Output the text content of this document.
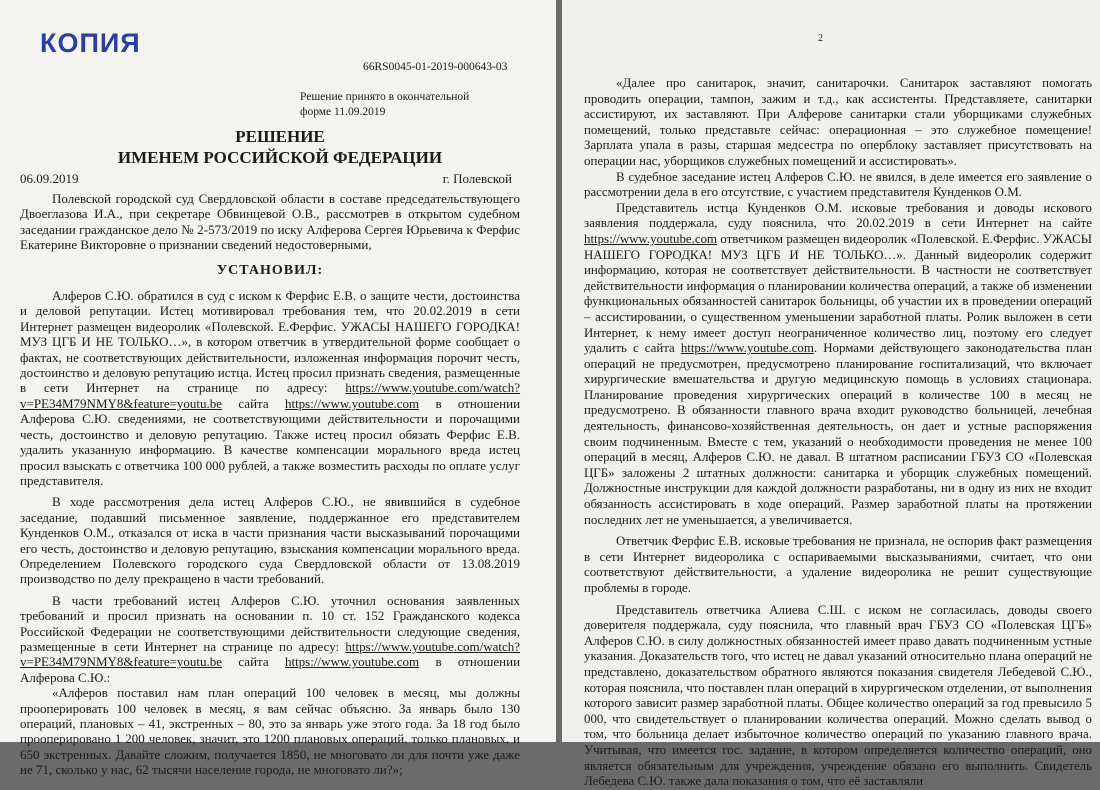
КОПИЯ
66RS0045-01-2019-000643-03
Решение принято в окончательной форме 11.09.2019
РЕШЕНИЕ
ИМЕНЕМ РОССИЙСКОЙ ФЕДЕРАЦИИ
06.09.2019	г. Полевской

Полевской городской суд Свердловской области в составе председательствующего Двоеглазова И.А., при секретаре Обвинцевой О.В., рассмотрев в открытом судебном заседании гражданское дело № 2-573/2019 по иску Алферова Сергея Юрьевича к Ферфис Екатерине Викторовне о признании сведений недостоверными,

УСТАНОВИЛ:

Алферов С.Ю. обратился в суд с иском к Ферфис Е.В. о защите чести, достоинства и деловой репутации. Истец мотивировал требования тем, что 20.02.2019 в сети Интернет размещен видеоролик «Полевской. Е.Ферфис. УЖАСЫ НАШЕГО ГОРОДКА! МУЗ ЦГБ И НЕ ТОЛЬКО…», в котором ответчик в утвердительной форме сообщает о фактах, не соответствующих действительности, изложенная информация порочит честь, достоинство и деловую репутацию истца. Истец просил признать сведения, размещенные в сети Интернет на странице по адресу: https://www.youtube.com/watch?v=PE34M79NMY8&feature=youtu.be сайта https://www.youtube.com в отношении Алферова С.Ю. сведениями, не соответствующими действительности и порочащими честь, достоинство и деловую репутацию. Также истец просил обязать Ферфис Е.В. удалить указанную информацию. В качестве компенсации морального вреда истец просил взыскать с ответчика 100 000 рублей, а также возместить расходы по оплате услуг представителя.

В ходе рассмотрения дела истец Алферов С.Ю., не явившийся в судебное заседание, подавший письменное заявление, поддержанное его представителем Кунденков О.М., отказался от иска в части признания части высказываний порочащими его честь, достоинство и деловую репутацию, взыскания компенсации морального вреда. Определением Полевского городского суда Свердловской области от 13.08.2019 производство по делу прекращено в части требований.

В части требований истец Алферов С.Ю. уточнил основания заявленных требований и просил признать на основании п. 10 ст. 152 Гражданского кодекса Российской Федерации не соответствующими действительности следующие сведения, размещенные в сети Интернет на странице по адресу: https://www.youtube.com/watch?v=PE34M79NMY8&feature=youtu.be сайта https://www.youtube.com в отношении Алферова С.Ю.:

«Алферов поставил нам план операций 100 человек в месяц, мы должны прооперировать 100 человек в месяц, я вам сейчас объясню. За январь было 130 операций, плановых – 41, экстренных – 80, это за январь уже этого года. За 18 год было прооперировано 1 200 человек, значит, это 1200 плановых операций, только плановых, и 650 экстренных. Давайте сложим, получается 1850, не многовато ли для почти уже даже не 71, сколько у нас, 62 тысячи население города, не многовато ли?»;

2

«Далее про санитарок, значит, санитарочки. Санитарок заставляют помогать проводить операции, тампон, зажим и т.д., как ассистенты. Представляете, санитарки ассистируют, их заставляют. При Алферове санитарки стали уборщиками служебных помещений, только представьте сейчас: операционная – это служебное помещение! Зарплата упала в разы, старшая медсестра по оперблоку заставляет присутствовать на операции нас, уборщиков служебных помещений и ассистировать».

В судебное заседание истец Алферов С.Ю. не явился, в деле имеется его заявление о рассмотрении дела в его отсутствие, с участием представителя Кунденков О.М.

Представитель истца Кунденков О.М. исковые требования и доводы искового заявления поддержала, суду пояснила, что 20.02.2019 в сети Интернет на сайте https://www.youtube.com ответчиком размещен видеоролик «Полевской. Е.Ферфис. УЖАСЫ НАШЕГО ГОРОДКА! МУЗ ЦГБ И НЕ ТОЛЬКО…». Данный видеоролик содержит информацию, которая не соответствует действительности. В частности не соответствует действительности информация о планировании количества операций, а также об изменении функциональных обязанностей санитарок больницы, об участии их в проведении операций – ассистировании, о существенном уменьшении заработной платы. Ролик выложен в сети Интернет, к нему имеет доступ неограниченное количество лиц, поэтому его следует удалить с сайта https://www.youtube.com. Нормами действующего законодательства план операций не предусмотрен, предусмотрено планирование госпитализаций, что включает хирургические вмешательства и другую медицинскую помощь в условиях стационара. Планирование проведения хирургических операций в количестве 100 в месяц не предусмотрено. В обязанности главного врача входит руководство больницей, лечебная деятельность, финансово-хозяйственная деятельность, он дает и устные распоряжения своим подчиненным. Вместе с тем, указаний о необходимости проведения не менее 100 операций в месяц, Алферов С.Ю. не давал. В штатном расписании ГБУЗ СО «Полевская ЦГБ» заложены 2 штатных должности: санитарка и уборщик служебных помещений. Должностные инструкции для каждой должности разработаны, ни в одну из них не входит обязанность ассистировать в ходе операций. Размер заработной платы на протяжении последних лет не уменьшается, а увеличивается.

Ответчик Ферфис Е.В. исковые требования не признала, не оспорив факт размещения в сети Интернет видеоролика с оспариваемыми высказываниями, считает, что они соответствуют действительности, а удаление видеоролика не решит существующие проблемы в городе.

Представитель ответчика Алиева С.Ш. с иском не согласилась, доводы своего доверителя поддержала, суду пояснила, что главный врач ГБУЗ СО «Полевская ЦГБ» Алферов С.Ю. в силу должностных обязанностей имеет право давать подчиненным устные указания. Доказательств того, что истец не давал указаний относительно плана операций не представлено, доказательством обратного являются показания свидетеля Лебедевой С.Ю., которая пояснила, что поставлен план операций в хирургическом отделении, от выполнения которого зависит размер заработной платы. Общее количество операций за год превысило 5 000, что свидетельствует о планировании количества операций. Можно сделать вывод о том, что больница делает избыточное количество операций по указанию главного врача. Учитывая, что имеется гос. задание, в котором определяется количество операций, оно является обязательным для учреждения, учреждение обязано его выполнить. Свидетель Лебедева С.Ю. также дала показания о том, что её заставляли
